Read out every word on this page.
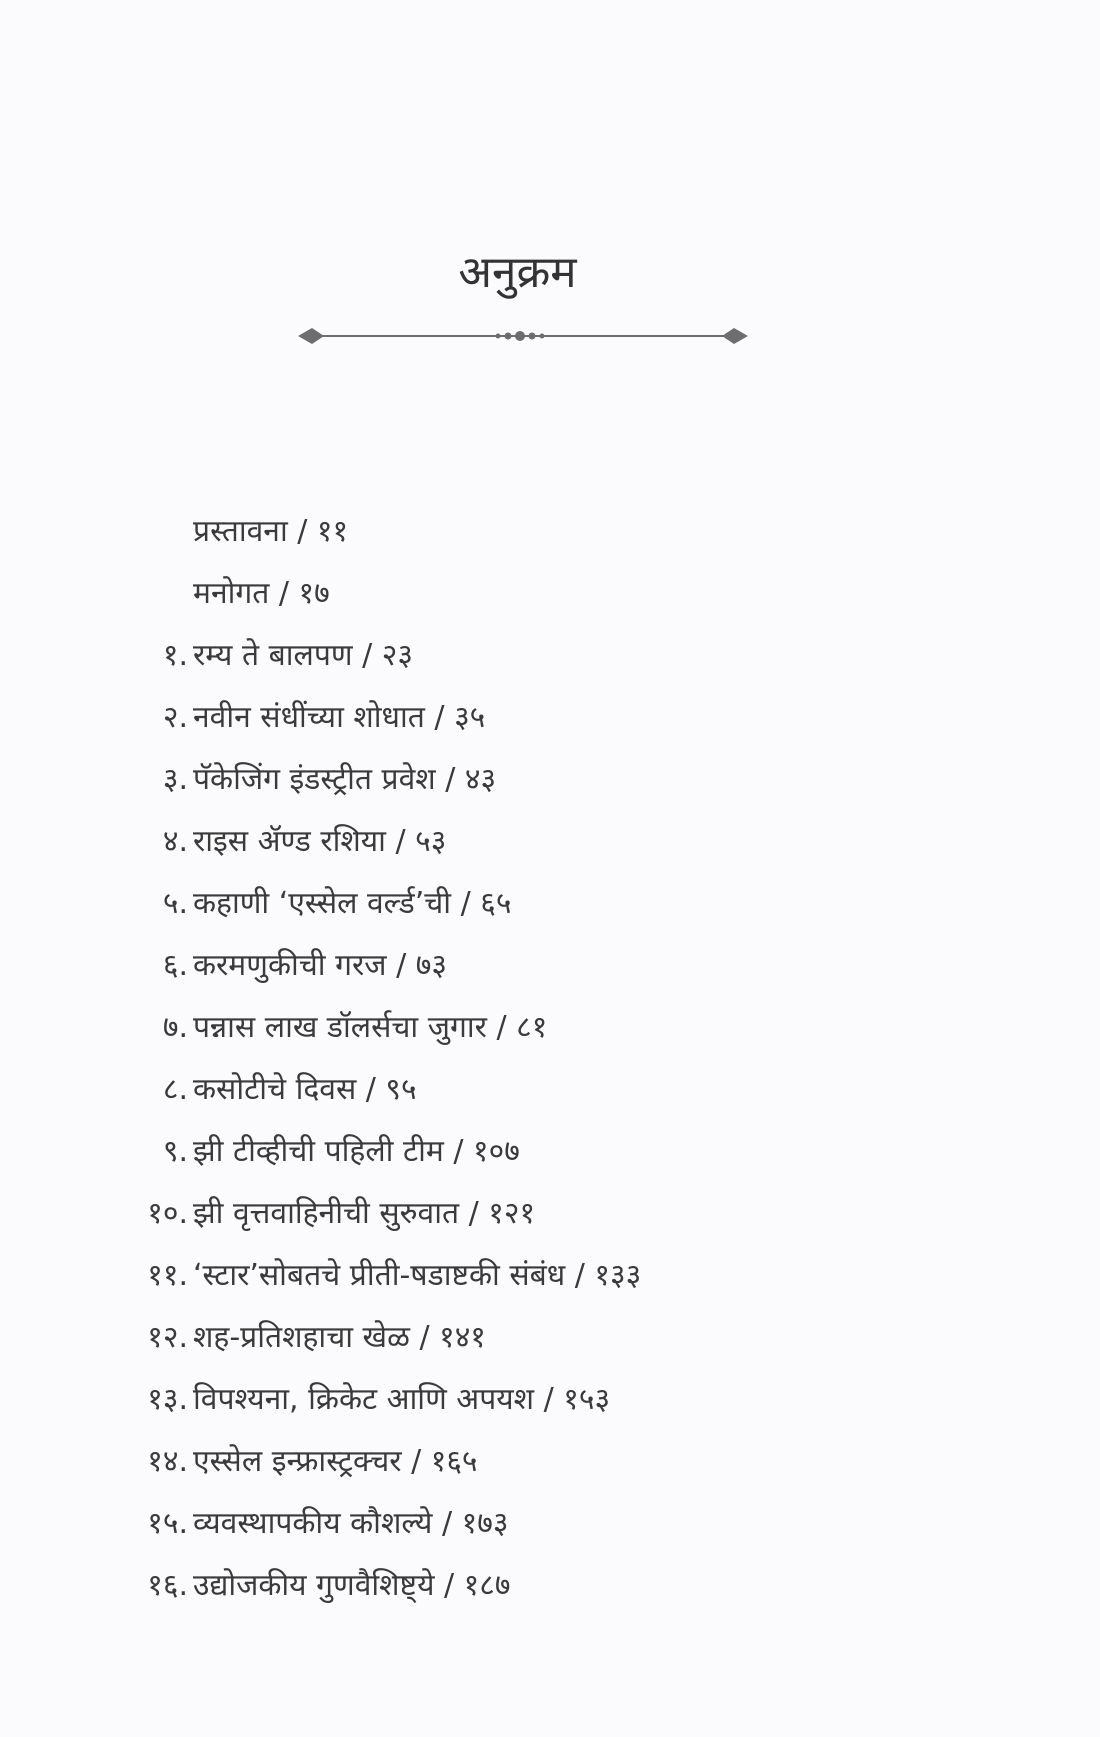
अनुक्रम
प्रस्तावना / ११
मनोगत / १७
१. रम्य ते बालपण / २३
२. नवीन संधींच्या शोधात / ३५
३. पॅकेजिंग इंडस्ट्रीत प्रवेश / ४३
४. राइस ॲण्ड रशिया / ५३
५. कहाणी ‘एस्सेल वर्ल्ड’ची / ६५
६. करमणुकीची गरज / ७३
७. पन्नास लाख डॉलर्सचा जुगार / ८१
८. कसोटीचे दिवस / ९५
९. झी टीव्हीची पहिली टीम / १०७
१०. झी वृत्तवाहिनीची सुरुवात / १२१
११. ‘स्टार’सोबतचे प्रीती-षडाष्टकी संबंध / १३३
१२. शह-प्रतिशहाचा खेळ / १४१
१३. विपश्यना, क्रिकेट आणि अपयश / १५३
१४. एस्सेल इन्फ्रास्ट्रक्चर / १६५
१५. व्यवस्थापकीय कौशल्ये / १७३
१६. उद्योजकीय गुणवैशिष्ट्ये / १८७
